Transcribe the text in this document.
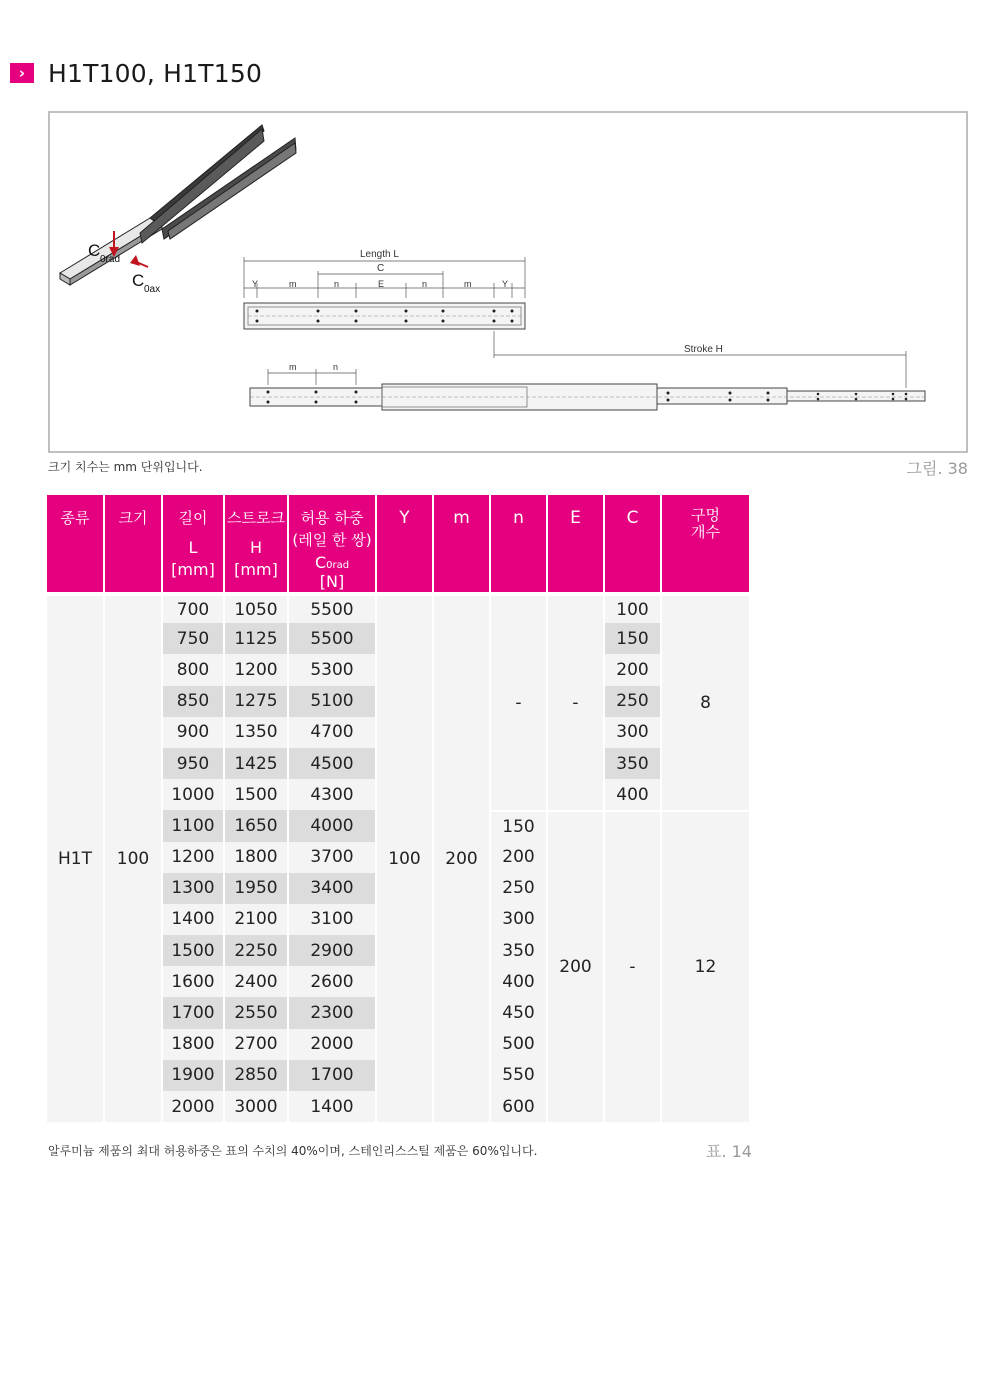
› H1T100, H1T150
C 0rad
C 0ax
Length L
C
Y	m	n	E	n	m	Y
Stroke H
m	n
크기 치수는 mm 단위입니다.	그림. 38
종류	크기	길이
L
[mm]	스트로크
H
[mm]	허용 하중
(레일 한 쌍)
C0rad
[N]	Y	m	n	E	C	구멍 개수

H1T	100	700	1050	5500	100	200	-	-	100	8
		750	1125	5500					150	
		800	1200	5300					200	
		850	1275	5100					250	
		900	1350	4700					300	
		950	1425	4500					350	
		1000	1500	4300					400	
		1100	1650	4000			150	200	-	12
		1200	1800	3700			200			
		1300	1950	3400			250			
		1400	2100	3100			300			
		1500	2250	2900			350			
		1600	2400	2600			400			
		1700	2550	2300			450			
		1800	2700	2000			500			
		1900	2850	1700			550			
		2000	3000	1400			600			
알루미늄 제품의 최대 허용하중은 표의 수치의 40%이며, 스테인리스스틸 제품은 60%입니다.	표. 14
